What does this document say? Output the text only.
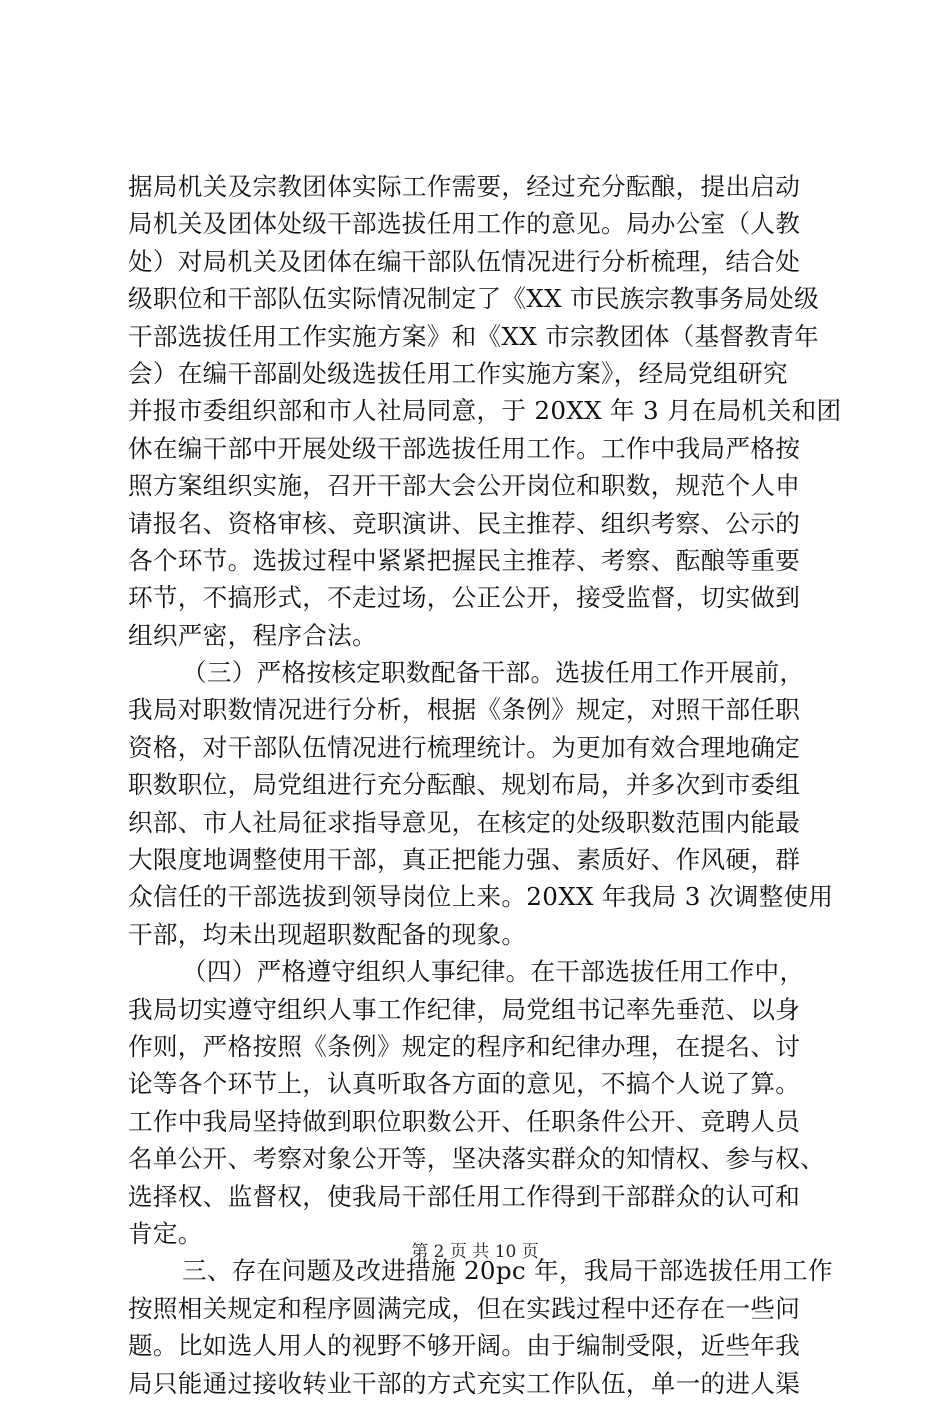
据局机关及宗教团体实际工作需要，经过充分酝酿，提出启动
局机关及团体处级干部选拔任用工作的意见。局办公室（人教
处）对局机关及团体在编干部队伍情况进行分析梳理，结合处
级职位和干部队伍实际情况制定了《XX 市民族宗教事务局处级
干部选拔任用工作实施方案》和《XX 市宗教团体（基督教青年
会）在编干部副处级选拔任用工作实施方案》，经局党组研究
并报市委组织部和市人社局同意，于 20XX 年 3 月在局机关和团
休在编干部中开展处级干部选拔任用工作。工作中我局严格按
照方案组织实施，召开干部大会公开岗位和职数，规范个人申
请报名、资格审核、竞职演讲、民主推荐、组织考察、公示的
各个环节。选拔过程中紧紧把握民主推荐、考察、酝酿等重要
环节，不搞形式，不走过场，公正公开，接受监督，切实做到
组织严密，程序合法。
（三）严格按核定职数配备干部。选拔任用工作开展前，
我局对职数情况进行分析，根据《条例》规定，对照干部任职
资格，对干部队伍情况进行梳理统计。为更加有效合理地确定
职数职位，局党组进行充分酝酿、规划布局，并多次到市委组
织部、市人社局征求指导意见，在核定的处级职数范围内能最
大限度地调整使用干部，真正把能力强、素质好、作风硬，群
众信任的干部选拔到领导岗位上来。20XX 年我局 3 次调整使用
干部，均未出现超职数配备的现象。
（四）严格遵守组织人事纪律。在干部选拔任用工作中，
我局切实遵守组织人事工作纪律，局党组书记率先垂范、以身
作则，严格按照《条例》规定的程序和纪律办理，在提名、讨
论等各个环节上，认真听取各方面的意见，不搞个人说了算。
工作中我局坚持做到职位职数公开、任职条件公开、竞聘人员
名单公开、考察对象公开等，坚决落实群众的知情权、参与权、
选择权、监督权，使我局干部任用工作得到干部群众的认可和
肯定。
三、存在问题及改进措施 20pc 年，我局干部选拔任用工作
按照相关规定和程序圆满完成，但在实践过程中还存在一些问
题。比如选人用人的视野不够开阔。由于编制受限，近些年我
局只能通过接收转业干部的方式充实工作队伍，单一的进人渠
第 2 页 共 10 页
